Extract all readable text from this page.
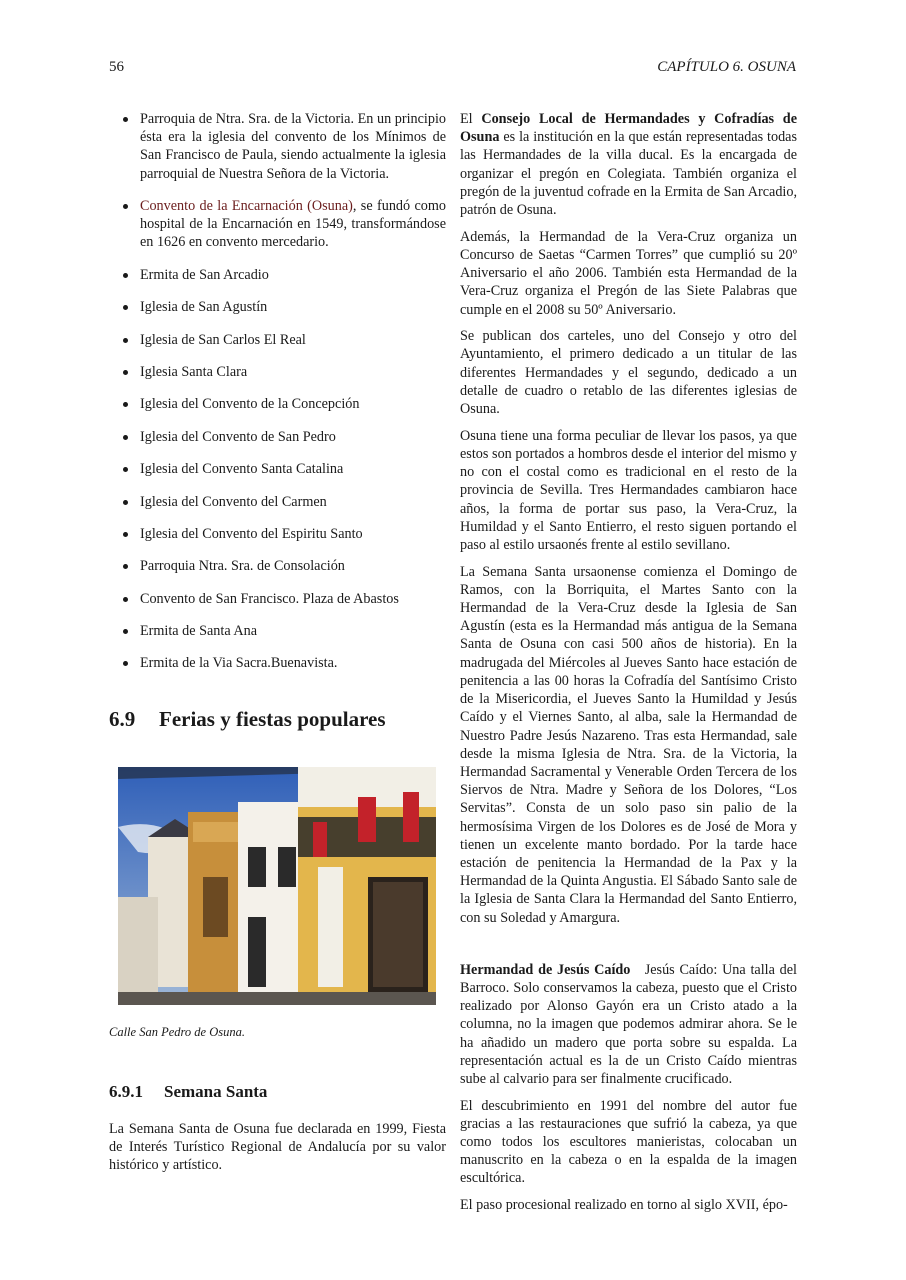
56	CAPÍTULO 6. OSUNA
Parroquia de Ntra. Sra. de la Victoria. En un principio ésta era la iglesia del convento de los Mínimos de San Francisco de Paula, siendo actualmente la iglesia parroquial de Nuestra Señora de la Victoria.
Convento de la Encarnación (Osuna), se fundó como hospital de la Encarnación en 1549, transformándose en 1626 en convento mercedario.
Ermita de San Arcadio
Iglesia de San Agustín
Iglesia de San Carlos El Real
Iglesia Santa Clara
Iglesia del Convento de la Concepción
Iglesia del Convento de San Pedro
Iglesia del Convento Santa Catalina
Iglesia del Convento del Carmen
Iglesia del Convento del Espiritu Santo
Parroquia Ntra. Sra. de Consolación
Convento de San Francisco. Plaza de Abastos
Ermita de Santa Ana
Ermita de la Via Sacra.Buenavista.
6.9 Ferias y fiestas populares
Calle San Pedro de Osuna.
6.9.1 Semana Santa

La Semana Santa de Osuna fue declarada en 1999, Fiesta de Interés Turístico Regional de Andalucía por su valor histórico y artístico.

El Consejo Local de Hermandades y Cofradías de Osuna es la institución en la que están representadas todas las Hermandades de la villa ducal. Es la encargada de organizar el pregón en Colegiata. También organiza el pregón de la juventud cofrade en la Ermita de San Arcadio, patrón de Osuna.

Además, la Hermandad de la Vera-Cruz organiza un Concurso de Saetas “Carmen Torres” que cumplió su 20º Aniversario el año 2006. También esta Hermandad de la Vera-Cruz organiza el Pregón de las Siete Palabras que cumple en el 2008 su 50º Aniversario.

Se publican dos carteles, uno del Consejo y otro del Ayuntamiento, el primero dedicado a un titular de las diferentes Hermandades y el segundo, dedicado a un detalle de cuadro o retablo de las diferentes iglesias de Osuna.

Osuna tiene una forma peculiar de llevar los pasos, ya que estos son portados a hombros desde el interior del mismo y no con el costal como es tradicional en el resto de la provincia de Sevilla. Tres Hermandades cambiaron hace años, la forma de portar sus paso, la Vera-Cruz, la Humildad y el Santo Entierro, el resto siguen portando el paso al estilo ursaonés frente al estilo sevillano.

La Semana Santa ursaonense comienza el Domingo de Ramos, con la Borriquita, el Martes Santo con la Hermandad de la Vera-Cruz desde la Iglesia de San Agustín (esta es la Hermandad más antigua de la Semana Santa de Osuna con casi 500 años de historia). En la madrugada del Miércoles al Jueves Santo hace estación de penitencia a las 00 horas la Cofradía del Santísimo Cristo de la Misericordia, el Jueves Santo la Humildad y Jesús Caído y el Viernes Santo, al alba, sale la Hermandad de Nuestro Padre Jesús Nazareno. Tras esta Hermandad, sale desde la misma Iglesia de Ntra. Sra. de la Victoria, la Hermandad Sacramental y Venerable Orden Tercera de los Siervos de Ntra. Madre y Señora de los Dolores, “Los Servitas”. Consta de un solo paso sin palio de la hermosísima Virgen de los Dolores es de José de Mora y tienen un excelente manto bordado. Por la tarde hace estación de penitencia la Hermandad de la Pax y la Hermandad de la Quinta Angustia. El Sábado Santo sale de la Iglesia de Santa Clara la Hermandad del Santo Entierro, con su Soledad y Amargura.

Hermandad de Jesús Caído Jesús Caído: Una talla del Barroco. Solo conservamos la cabeza, puesto que el Cristo realizado por Alonso Gayón era un Cristo atado a la columna, no la imagen que podemos admirar ahora. Se le ha añadido un madero que porta sobre su espalda. La representación actual es la de un Cristo Caído mientras sube al calvario para ser finalmente crucificado.

El descubrimiento en 1991 del nombre del autor fue gracias a las restauraciones que sufrió la cabeza, ya que como todos los escultores manieristas, colocaban un manuscrito en la cabeza o en la espalda de la imagen escultórica.

El paso procesional realizado en torno al siglo XVII, épo-
